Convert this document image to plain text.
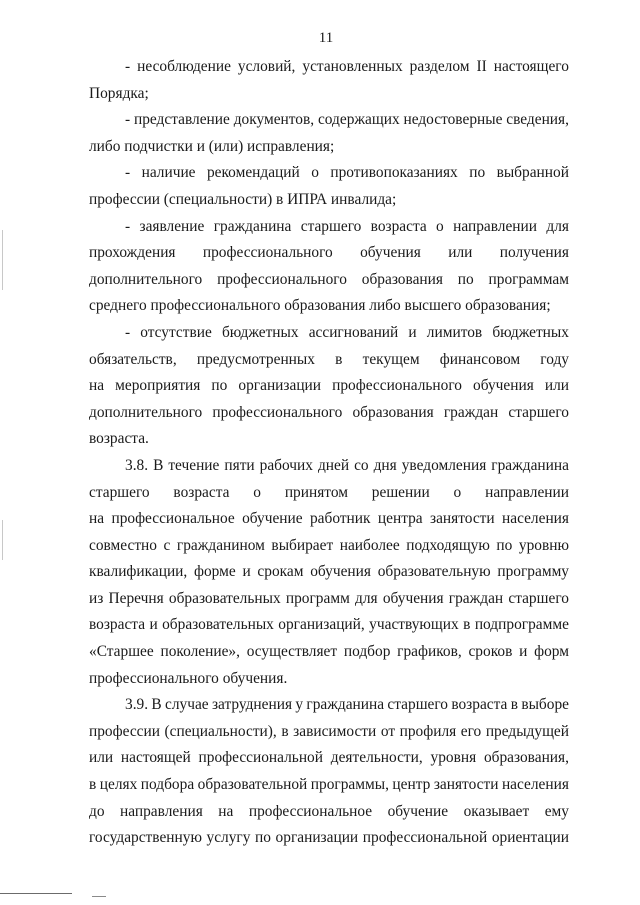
11
- несоблюдение условий, установленных разделом II настоящего
Порядка;
- представление документов, содержащих недостоверные сведения,
либо подчистки и (или) исправления;
- наличие рекомендаций о противопоказаниях по выбранной
профессии (специальности) в ИПРА инвалида;
- заявление гражданина старшего возраста о направлении для
прохождения профессионального обучения или получения
дополнительного профессионального образования по программам
среднего профессионального образования либо высшего образования;
- отсутствие бюджетных ассигнований и лимитов бюджетных
обязательств, предусмотренных в текущем финансовом году
на мероприятия по организации профессионального обучения или
дополнительного профессионального образования граждан старшего
возраста.
3.8. В течение пяти рабочих дней со дня уведомления гражданина
старшего возраста о принятом решении о направлении
на профессиональное обучение работник центра занятости населения
совместно с гражданином выбирает наиболее подходящую по уровню
квалификации, форме и срокам обучения образовательную программу
из Перечня образовательных программ для обучения граждан старшего
возраста и образовательных организаций, участвующих в подпрограмме
«Старшее поколение», осуществляет подбор графиков, сроков и форм
профессионального обучения.
3.9. В случае затруднения у гражданина старшего возраста в выборе
профессии (специальности), в зависимости от профиля его предыдущей
или настоящей профессиональной деятельности, уровня образования,
в целях подбора образовательной программы, центр занятости населения
до направления на профессиональное обучение оказывает ему
государственную услугу по организации профессиональной ориентации
